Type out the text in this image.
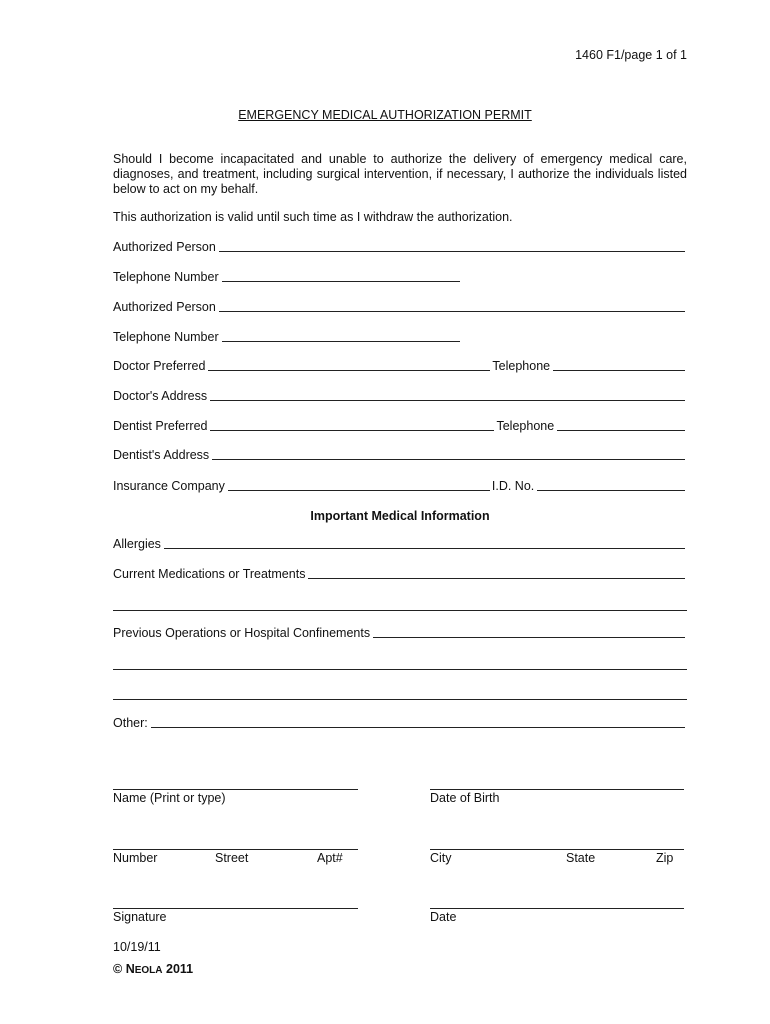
1460 F1/page 1 of 1
EMERGENCY MEDICAL AUTHORIZATION PERMIT
Should I become incapacitated and unable to authorize the delivery of emergency medical care, diagnoses, and treatment, including surgical intervention, if necessary, I authorize the individuals listed below to act on my behalf.
This authorization is valid until such time as I withdraw the authorization.
Authorized Person
Telephone Number
Authorized Person
Telephone Number
Doctor Preferred	Telephone
Doctor's Address
Dentist Preferred	Telephone
Dentist's Address
Insurance Company	I.D. No.
Important Medical Information
Allergies
Current Medications or Treatments
Previous Operations or Hospital Confinements
Other:
Name (Print or type)	Date of Birth
Number	Street	Apt#	City	State	Zip
Signature	Date
10/19/11
© NEOLA 2011
